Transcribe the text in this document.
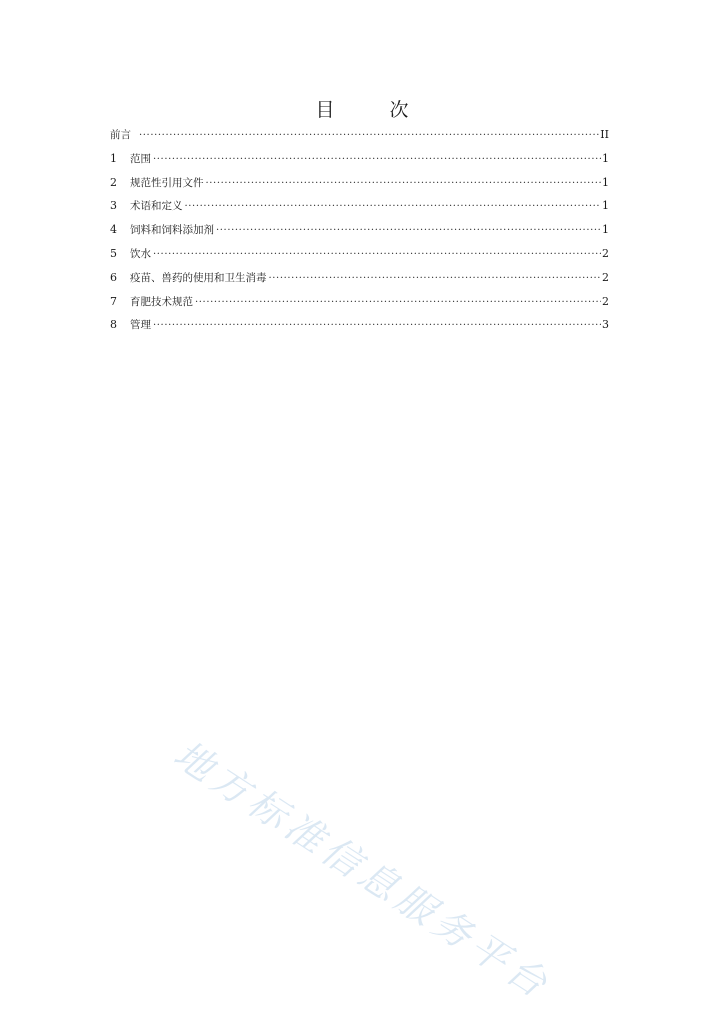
目　次
前言 ·····	II
1	范围 ·····	1
2	规范性引用文件 ·····	1
3	术语和定义 ·····	1
4	饲料和饲料添加剂 ·····	1
5	饮水 ·····	2
6	疫苗、兽药的使用和卫生消毒 ·····	2
7	育肥技术规范 ·····	2
8	管理 ·····	3
地方标准信息服务平台
